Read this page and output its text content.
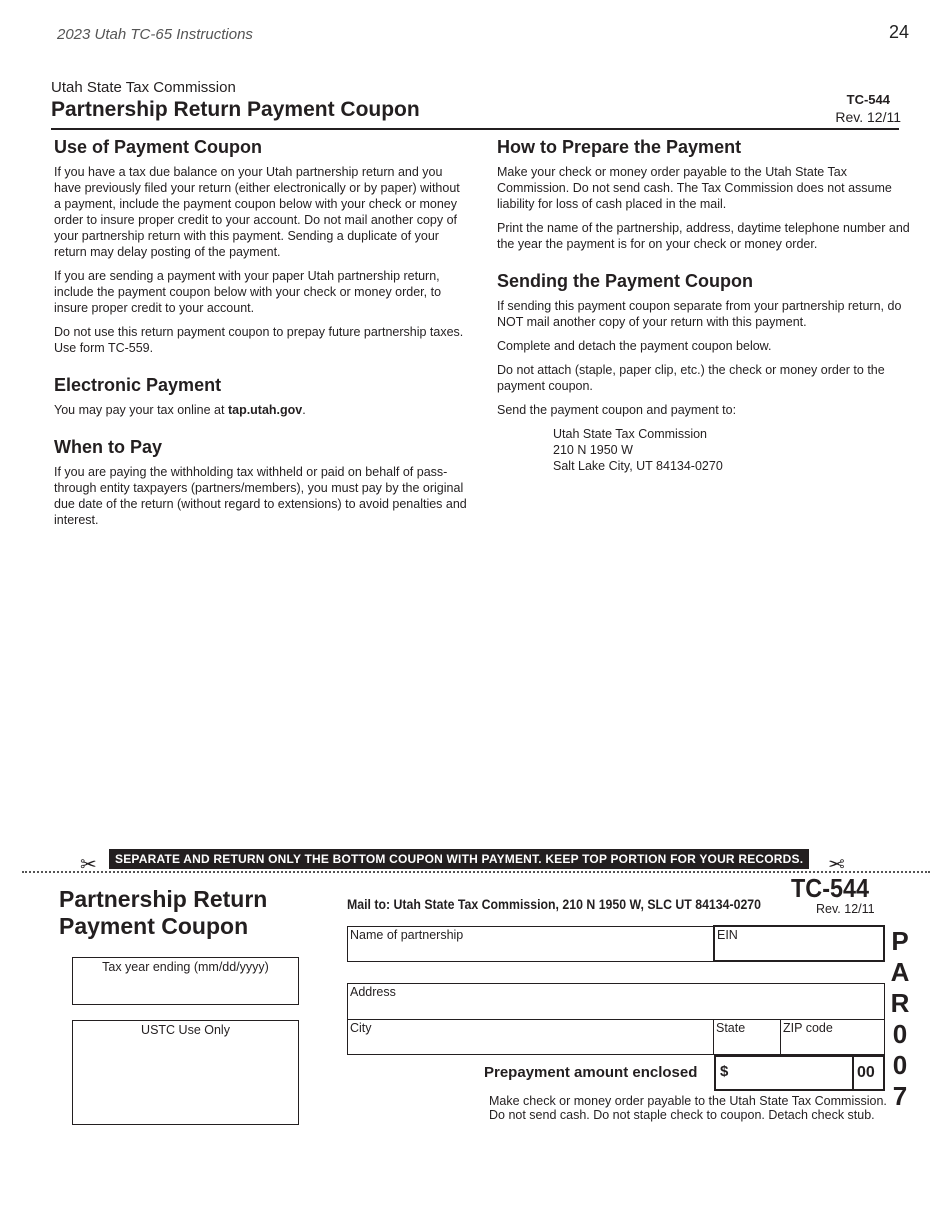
2023 Utah TC-65 Instructions	24
Utah State Tax Commission
Partnership Return Payment Coupon	TC-544
Rev. 12/11
Use of Payment Coupon

If you have a tax due balance on your Utah partnership return and you have previously filed your return (either electronically or by paper) without a payment, include the payment coupon below with your check or money order to insure proper credit to your account. Do not mail another copy of your partnership return with this payment. Sending a duplicate of your return may delay posting of the payment.

If you are sending a payment with your paper Utah partnership return, include the payment coupon below with your check or money order, to insure proper credit to your account.

Do not use this return payment coupon to prepay future partnership taxes. Use form TC-559.

Electronic Payment

You may pay your tax online at tap.utah.gov.

When to Pay

If you are paying the withholding tax withheld or paid on behalf of pass-through entity taxpayers (partners/members), you must pay by the original due date of the return (without regard to extensions) to avoid penalties and interest.

How to Prepare the Payment

Make your check or money order payable to the Utah State Tax Commission. Do not send cash. The Tax Commission does not assume liability for loss of cash placed in the mail.

Print the name of the partnership, address, daytime telephone number and the year the payment is for on your check or money order.

Sending the Payment Coupon

If sending this payment coupon separate from your partnership return, do NOT mail another copy of your return with this payment.

Complete and detach the payment coupon below.

Do not attach (staple, paper clip, etc.) the check or money order to the payment coupon.

Send the payment coupon and payment to:

Utah State Tax Commission
210 N 1950 W
Salt Lake City, UT 84134-0270
✂	✂
SEPARATE AND RETURN ONLY THE BOTTOM COUPON WITH PAYMENT. KEEP TOP PORTION FOR YOUR RECORDS.
Partnership Return
Payment Coupon
Tax year ending (mm/dd/yyyy)
USTC Use Only
Mail to: Utah State Tax Commission, 210 N 1950 W, SLC UT 84134-0270
TC-544
Rev. 12/11
Name of partnership	EIN
Address
City	State	ZIP code
Prepayment amount enclosed	$	00
P
A
R
0
0
7
Make check or money order payable to the Utah State Tax Commission.
Do not send cash. Do not staple check to coupon. Detach check stub.
